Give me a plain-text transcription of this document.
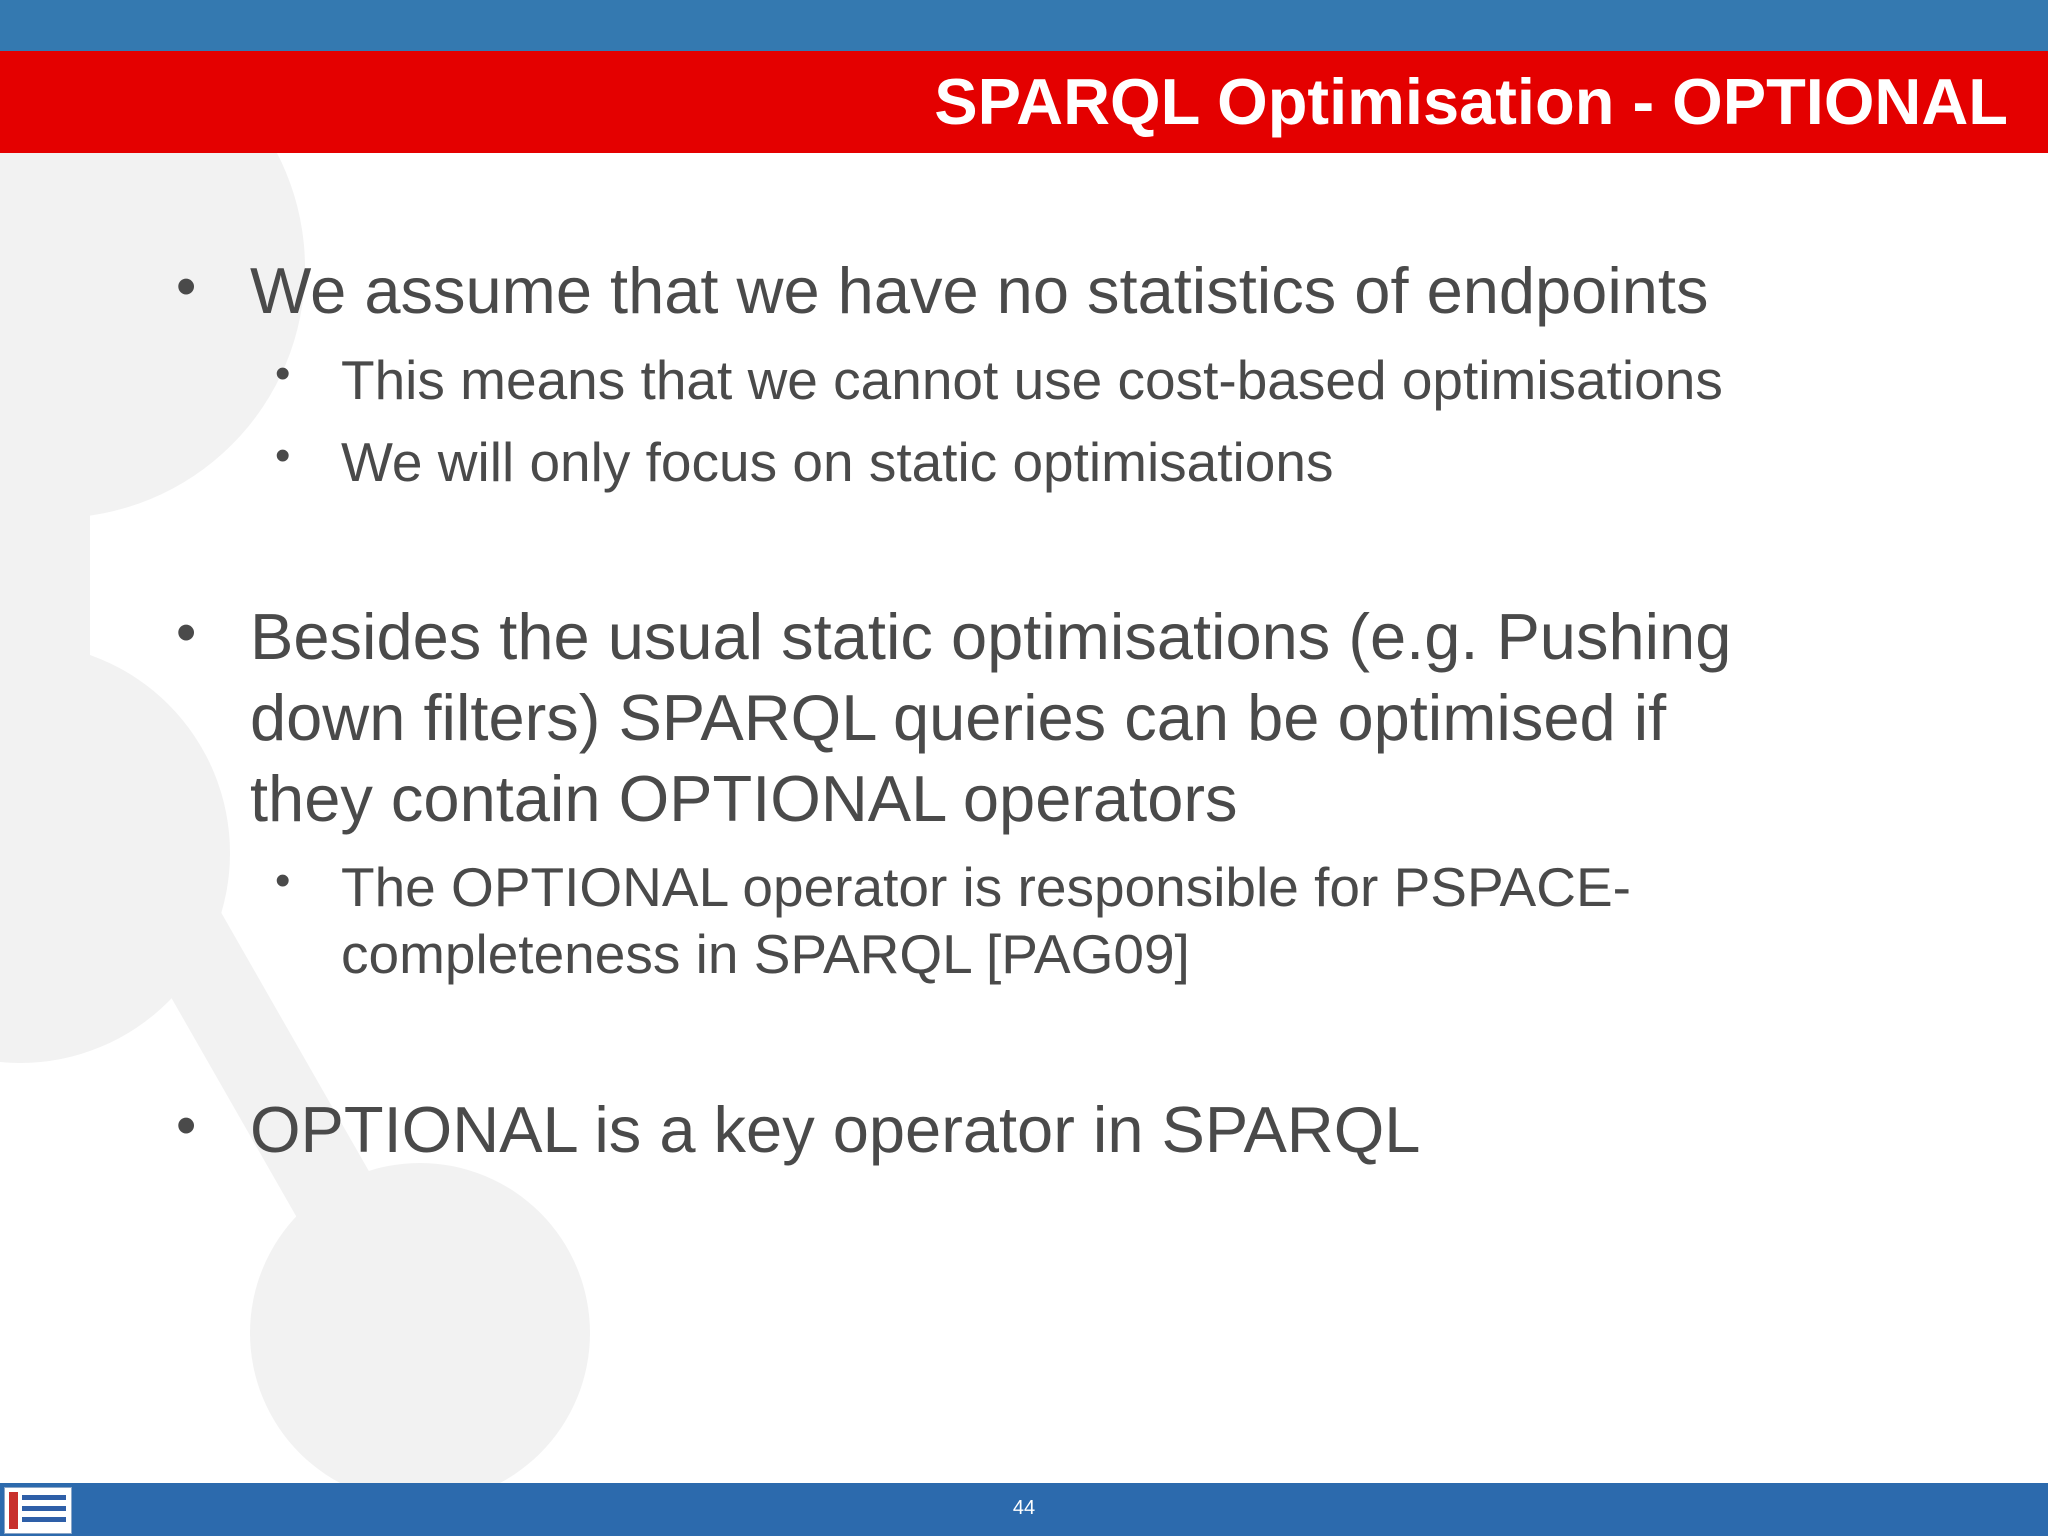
SPARQL Optimisation - OPTIONAL
• We assume that we have no statistics of endpoints
• This means that we cannot use cost-based optimisations
• We will only focus on static optimisations
• Besides the usual static optimisations (e.g. Pushing
down filters) SPARQL queries can be optimised if
they contain OPTIONAL operators
• The OPTIONAL operator is responsible for PSPACE-
completeness in SPARQL [PAG09]
• OPTIONAL is a key operator in SPARQL
44
